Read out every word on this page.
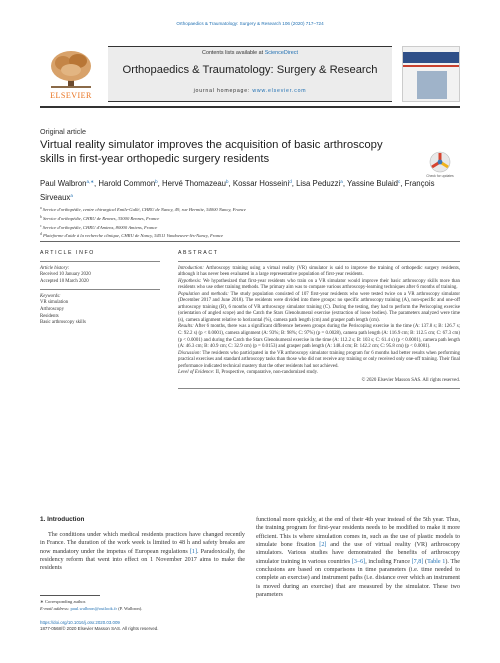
Orthopaedics & Traumatology: Surgery & Research 106 (2020) 717–724
ELSEVIER
Contents lists available at ScienceDirect
Orthopaedics & Traumatology: Surgery & Research
journal homepage: www.elsevier.com
Original article
Virtual reality simulator improves the acquisition of basic arthroscopy skills in first-year orthopedic surgery residents
Check for updates
Paul Walbron$^{a,∗}$, Harold Common$^b$, Hervé Thomazeau$^b$, Kossar Hosseini$^d$, Lisa Peduzzi$^a$, Yassine Bulaid$^c$, François Sirveaux$^a$
$^a$ Service d'orthopédie, centre chirurgical Emile-Gallé, CHRU de Nancy, 49, rue Hermite, 54000 Nancy, France
$^b$ Service d'orthopédie, CHRU de Rennes, 35000 Rennes, France
$^c$ Service d'orthopédie, CHRU d'Amiens, 80000 Amiens, France
$^d$ Plateforme d'aide à la recherche clinique, CHRU de Nancy, 54511 Vandoeuvre-lès-Nancy, France
ARTICLE INFO
Article history:
Received 10 January 2020
Accepted 10 March 2020
Keywords:
VR simulation
Arthroscopy
Residents
Basic arthroscopy skills
ABSTRACT

Introduction: Arthroscopy training using a virtual reality (VR) simulator is said to improve the training of orthopedic surgery residents, although it has never been evaluated in a large representative population of first-year residents.

Hypothesis: We hypothesized that first-year residents who train on a VR simulator would improve their basic arthroscopy skills more than residents who use other training methods. The primary aim was to compare various arthroscopy-learning techniques after 6 months of training.

Population and methods: The study population consisted of 107 first-year residents who were tested twice on a VR arthroscopy simulator (December 2017 and June 2018). The residents were divided into three groups: no specific arthroscopy training (A), non-specific and one-off arthroscopy training (B), 6 months of VR arthroscopy simulator training (C). During the testing, they had to perform the Periscoping exercise (orientation of angled scope) and the Catch the Stars Glenohumeral exercise (extraction of loose bodies). The parameters analyzed were time (s), camera alignment relative to horizontal (%), camera path length (cm) and grasper path length (cm).

Results: After 6 months, there was a significant difference between groups during the Periscoping exercise in the time (A: 137.8 s; B: 126.7 s; C: 92.2 s) (p < 0.0001), camera alignment (A: 93%; B: 98%; C: 97%) (p = 0.0028), camera path length (A: 116.9 cm; B: 112.5 cm; C: 67.3 cm) (p < 0.0001) and during the Catch the Stars Glenohumeral exercise in the time (A: 112.2 s; B: 103 s; C: 61.4 s) (p < 0.0001), camera path length (A: 46.3 cm; B: 40.9 cm; C: 32.9 cm) (p = 0.0153) and grasper path length (A: 148.4 cm; B: 142.2 cm; C: 95.8 cm) (p < 0.0001).

Discussion: The residents who participated in the VR arthroscopy simulator training program for 6 months had better results when performing practical exercises and standard arthroscopy tasks than those who did not receive any training or only received only one-off training. Their final performance indicated technical mastery that the other residents had not achieved.

Level of Evidence: II, Prospective, comparative, non-randomized study.

© 2020 Elsevier Masson SAS. All rights reserved.
1. Introduction
The conditions under which medical residents practices have changed recently in France. The duration of the work week is limited to 48 h and safety breaks are now mandatory under the impetus of European regulations [1]. Paradoxically, the residency reform that went into effect on 1 November 2017 aims to make the residents
functional more quickly, at the end of their 4th year instead of the 5th year. Thus, the training program for first-year residents needs to be modified to make it more efficient. This is where simulation comes in, such as the use of plastic models to simulate bone fixation [2] and the use of virtual reality (VR) arthroscopy simulators. Various studies have demonstrated the benefits of arthroscopy simulator training in various countries [3–6], including France [7,8] (Table 1). The conclusions are based on comparisons in time parameters (i.e. time needed to complete an exercise) and instrument paths (i.e. distance over which an instrument is moved during an exercise) that are measured by the simulator. These two parameters
∗ Corresponding author.
E-mail address: paul.walbron@outlook.fr (P. Walbron).
https://doi.org/10.1016/j.otsr.2020.03.009
1877-0568/© 2020 Elsevier Masson SAS. All rights reserved.
